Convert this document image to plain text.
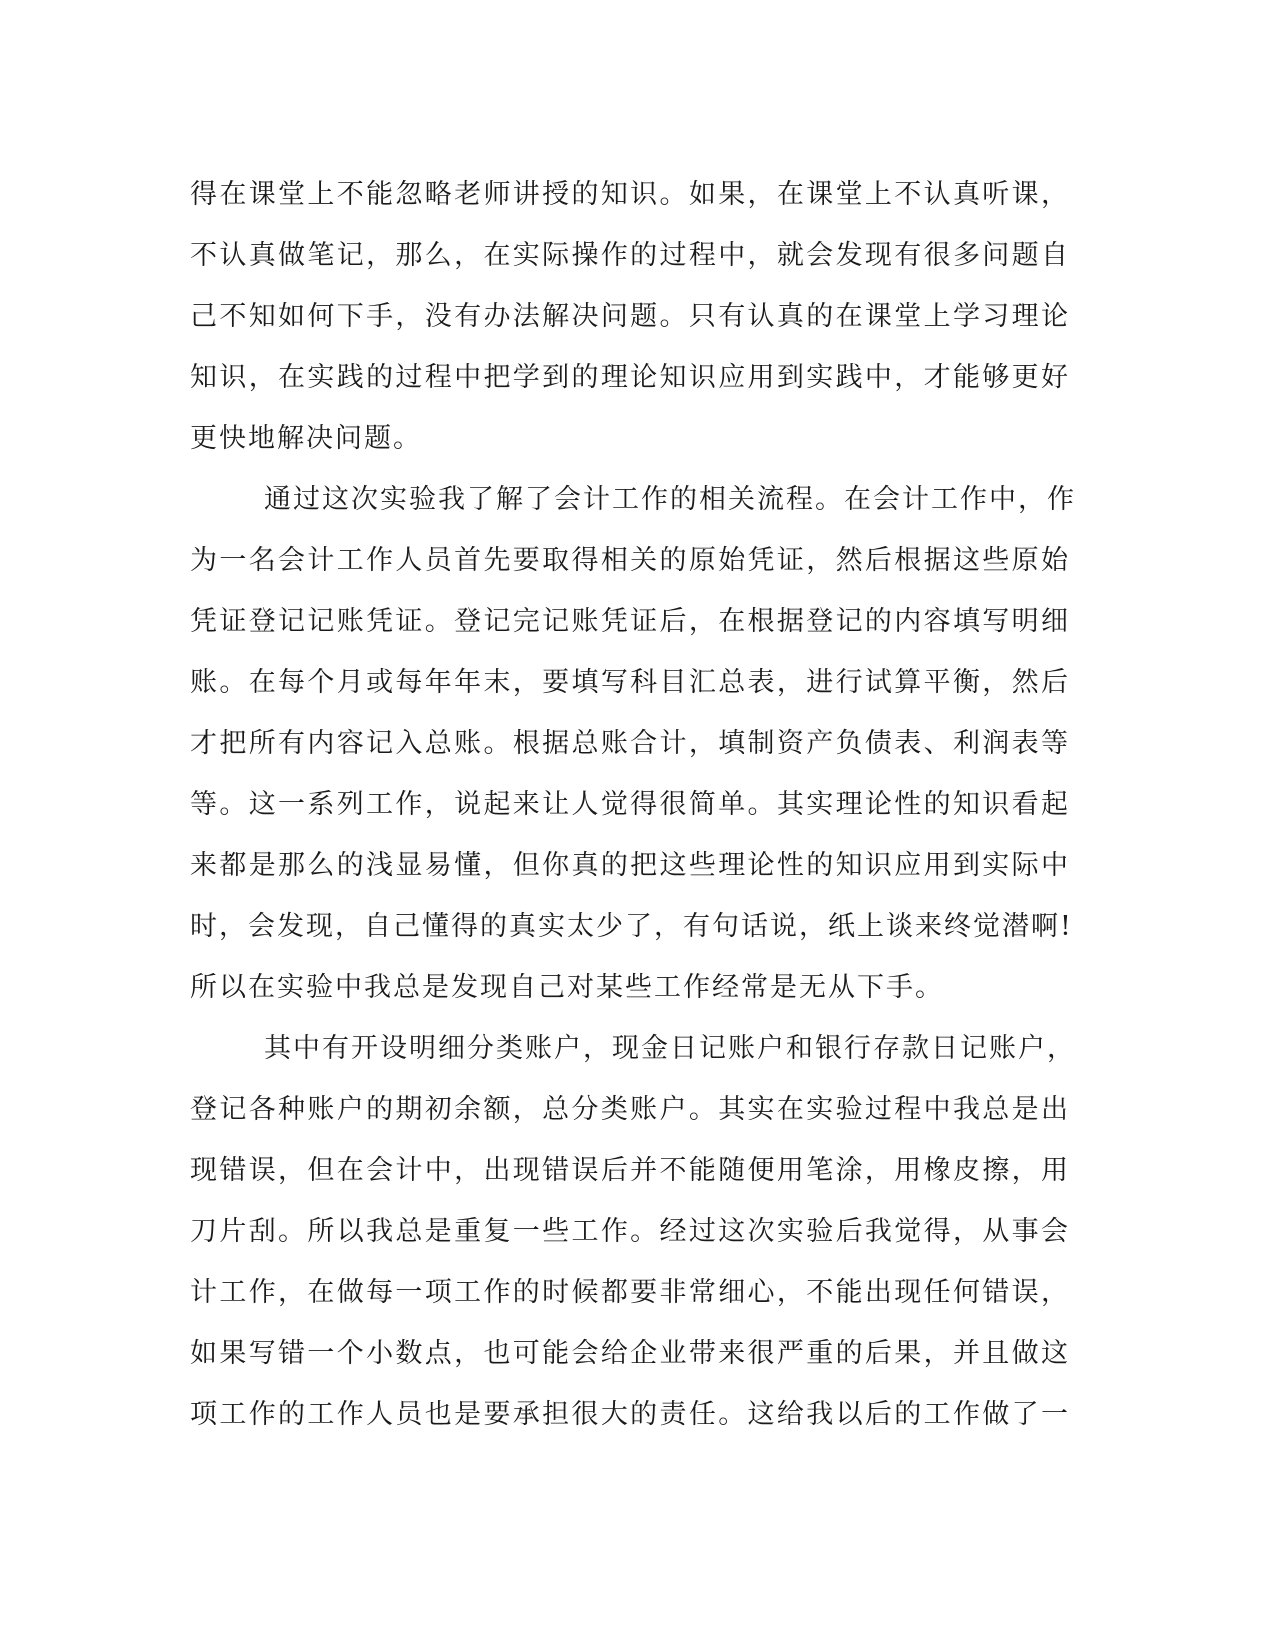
得 在 课 堂 上 不 能 忽 略 老 师 讲 授 的 知 识 。 如 果 ， 在 课 堂 上 不 认 真 听 课 ，
不 认 真 做 笔 记 ， 那 么 ， 在 实 际 操 作 的 过 程 中 ， 就 会 发 现 有 很 多 问 题 自
己 不 知 如 何 下 手 ， 没 有 办 法 解 决 问 题 。 只 有 认 真 的 在 课 堂 上 学 习 理 论
知 识 ， 在 实 践 的 过 程 中 把 学 到 的 理 论 知 识 应 用 到 实 践 中 ， 才 能 够 更 好
更快地解决问题。
通 过 这 次 实 验 我 了 解 了 会 计 工 作 的 相 关 流 程 。 在 会 计 工 作 中 ， 作
为 一 名 会 计 工 作 人 员 首 先 要 取 得 相 关 的 原 始 凭 证 ， 然 后 根 据 这 些 原 始
凭 证 登 记 记 账 凭 证 。 登 记 完 记 账 凭 证 后 ， 在 根 据 登 记 的 内 容 填 写 明 细
账 。 在 每 个 月 或 每 年 年 末 ， 要 填 写 科 目 汇 总 表 ， 进 行 试 算 平 衡 ， 然 后
才 把 所 有 内 容 记 入 总 账 。 根 据 总 账 合 计 ， 填 制 资 产 负 债 表 、 利 润 表 等
等 。 这 一 系 列 工 作 ， 说 起 来 让 人 觉 得 很 简 单 。 其 实 理 论 性 的 知 识 看 起
来 都 是 那 么 的 浅 显 易 懂 ， 但 你 真 的 把 这 些 理 论 性 的 知 识 应 用 到 实 际 中
时 ， 会 发 现 ， 自 己 懂 得 的 真 实 太 少 了 ， 有 句 话 说 ， 纸 上 谈 来 终 觉 潜 啊 !
所以在实验中我总是发现自己对某些工作经常是无从下手。
其 中 有 开 设 明 细 分 类 账 户 ， 现 金 日 记 账 户 和 银 行 存 款 日 记 账 户 ，
登 记 各 种 账 户 的 期 初 余 额 ， 总 分 类 账 户 。 其 实 在 实 验 过 程 中 我 总 是 出
现 错 误 ， 但 在 会 计 中 ， 出 现 错 误 后 并 不 能 随 便 用 笔 涂 ， 用 橡 皮 擦 ， 用
刀 片 刮 。 所 以 我 总 是 重 复 一 些 工 作 。 经 过 这 次 实 验 后 我 觉 得 ， 从 事 会
计 工 作 ， 在 做 每 一 项 工 作 的 时 候 都 要 非 常 细 心 ， 不 能 出 现 任 何 错 误 ，
如 果 写 错 一 个 小 数 点 ， 也 可 能 会 给 企 业 带 来 很 严 重 的 后 果 ， 并 且 做 这
项 工 作 的 工 作 人 员 也 是 要 承 担 很 大 的 责 任 。 这 给 我 以 后 的 工 作 做 了 一
